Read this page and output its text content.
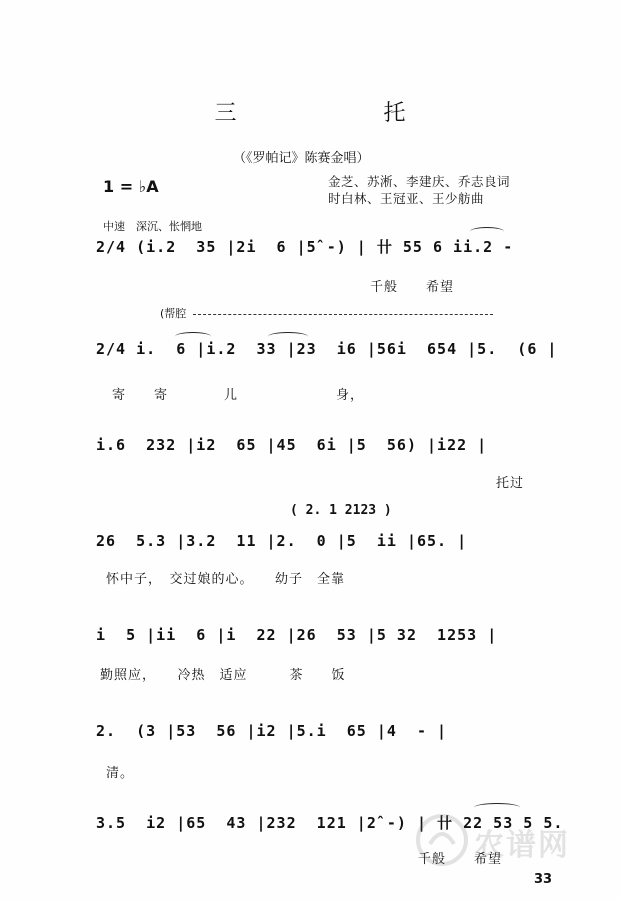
三 托
（《罗帕记》陈赛金唱）
1 = ♭A	金芝、苏淅、李建庆、乔志良词
时白林、王冠亚、王少舫曲
中速　深沉、怅惘地
2/4 (i.2  35 |2i  6 |5̂ -) | 卄 55 6 ii.2 -
千般　　希望
(帮腔
2/4 i.  6 |i.2  33 |23  i6 |56i  654 |5.  (6 |
寄　　寄　　　　儿　　　　　　　身，
i.6  232 |i2  65 |45  6i |5  56) |i22 |
托过
( 2. 1 2123 )
26  5.3 |3.2  11 |2.  0 |5  ii |65. |
怀中子，　交过娘的心。　　幼子　全靠
i  5 |ii  6 |i  22 |26  53 |5 32  1253 |
勤照应，　　冷热　适应　　　茶　　饭
2.  (3 |53  56 |i2 |5.i  65 |4  - |
清。
3.5  i2 |65  43 |232  121 |2̂ -) | 卄 22 53 5 5.
千般　　希望
33
农谱网
